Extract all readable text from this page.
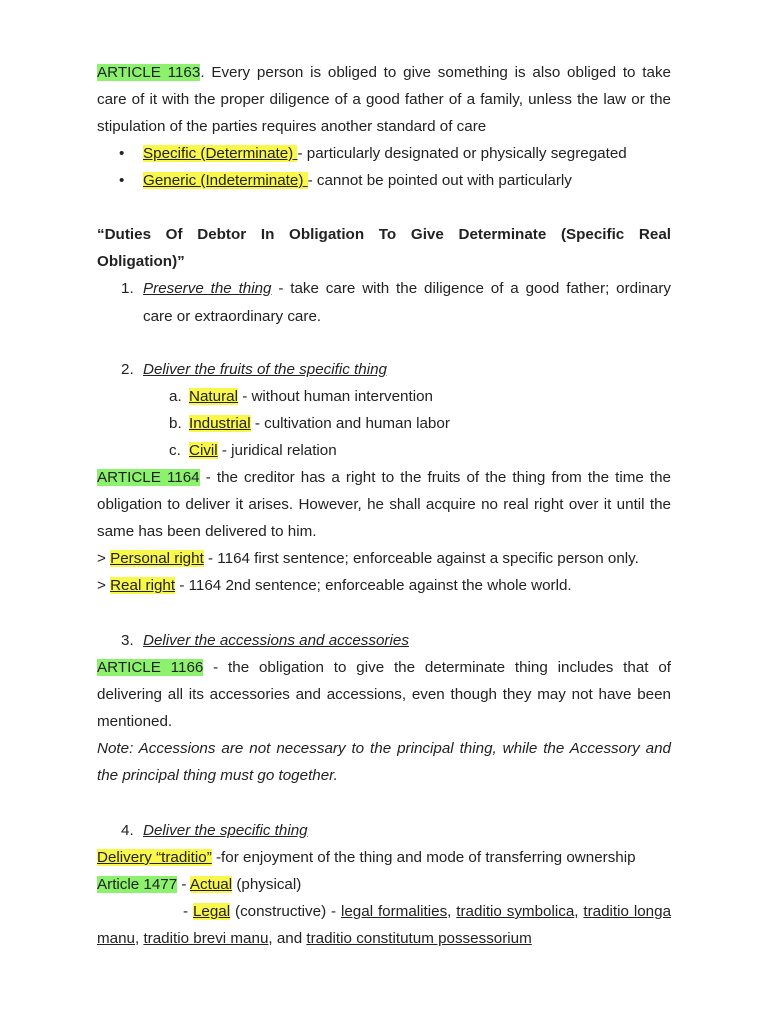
ARTICLE 1163. Every person is obliged to give something is also obliged to take
care of it with the proper diligence of a good father of a family, unless the law or the
stipulation of the parties requires another standard of care
• Specific (Determinate) - particularly designated or physically segregated
• Generic (Indeterminate) - cannot be pointed out with particularly
“Duties Of Debtor In Obligation To Give Determinate (Specific Real
Obligation)”
1. Preserve the thing - take care with the diligence of a good father; ordinary
care or extraordinary care.
2. Deliver the fruits of the specific thing
a. Natural - without human intervention
b. Industrial - cultivation and human labor
c. Civil - juridical relation
ARTICLE 1164 - the creditor has a right to the fruits of the thing from the time the
obligation to deliver it arises. However, he shall acquire no real right over it until the
same has been delivered to him.
> Personal right - 1164 first sentence; enforceable against a specific person only.
> Real right - 1164 2nd sentence; enforceable against the whole world.
3. Deliver the accessions and accessories
ARTICLE 1166 - the obligation to give the determinate thing includes that of
delivering all its accessories and accessions, even though they may not have been
mentioned.
Note: Accessions are not necessary to the principal thing, while the Accessory and
the principal thing must go together.
4. Deliver the specific thing
Delivery “traditio” -for enjoyment of the thing and mode of transferring ownership
Article 1477 - Actual (physical)
- Legal (constructive) - legal formalities, traditio symbolica, traditio longa
manu, traditio brevi manu, and traditio constitutum possessorium
